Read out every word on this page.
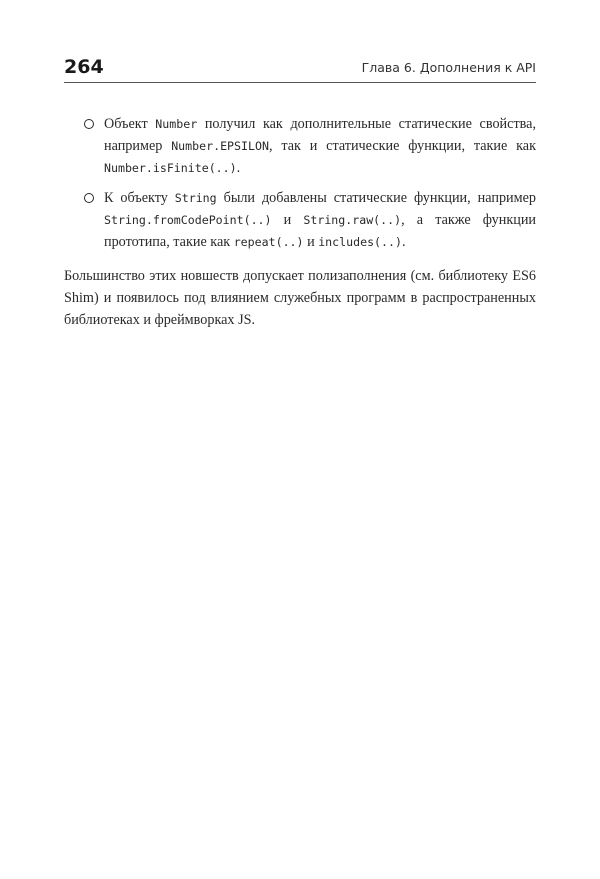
264	Глава 6. Дополнения к API
Объект Number получил как дополнительные статические свойства, например Number.EPSILON, так и статические функции, такие как Number.isFinite(..).
К объекту String были добавлены статические функции, например String.fromCodePoint(..) и String.raw(..), а также функции прототипа, такие как repeat(..) и includes(..).

Большинство этих новшеств допускает полизаполнения (см. библиотеку ES6 Shim) и появилось под влиянием служебных программ в распространенных библиотеках и фреймворках JS.
